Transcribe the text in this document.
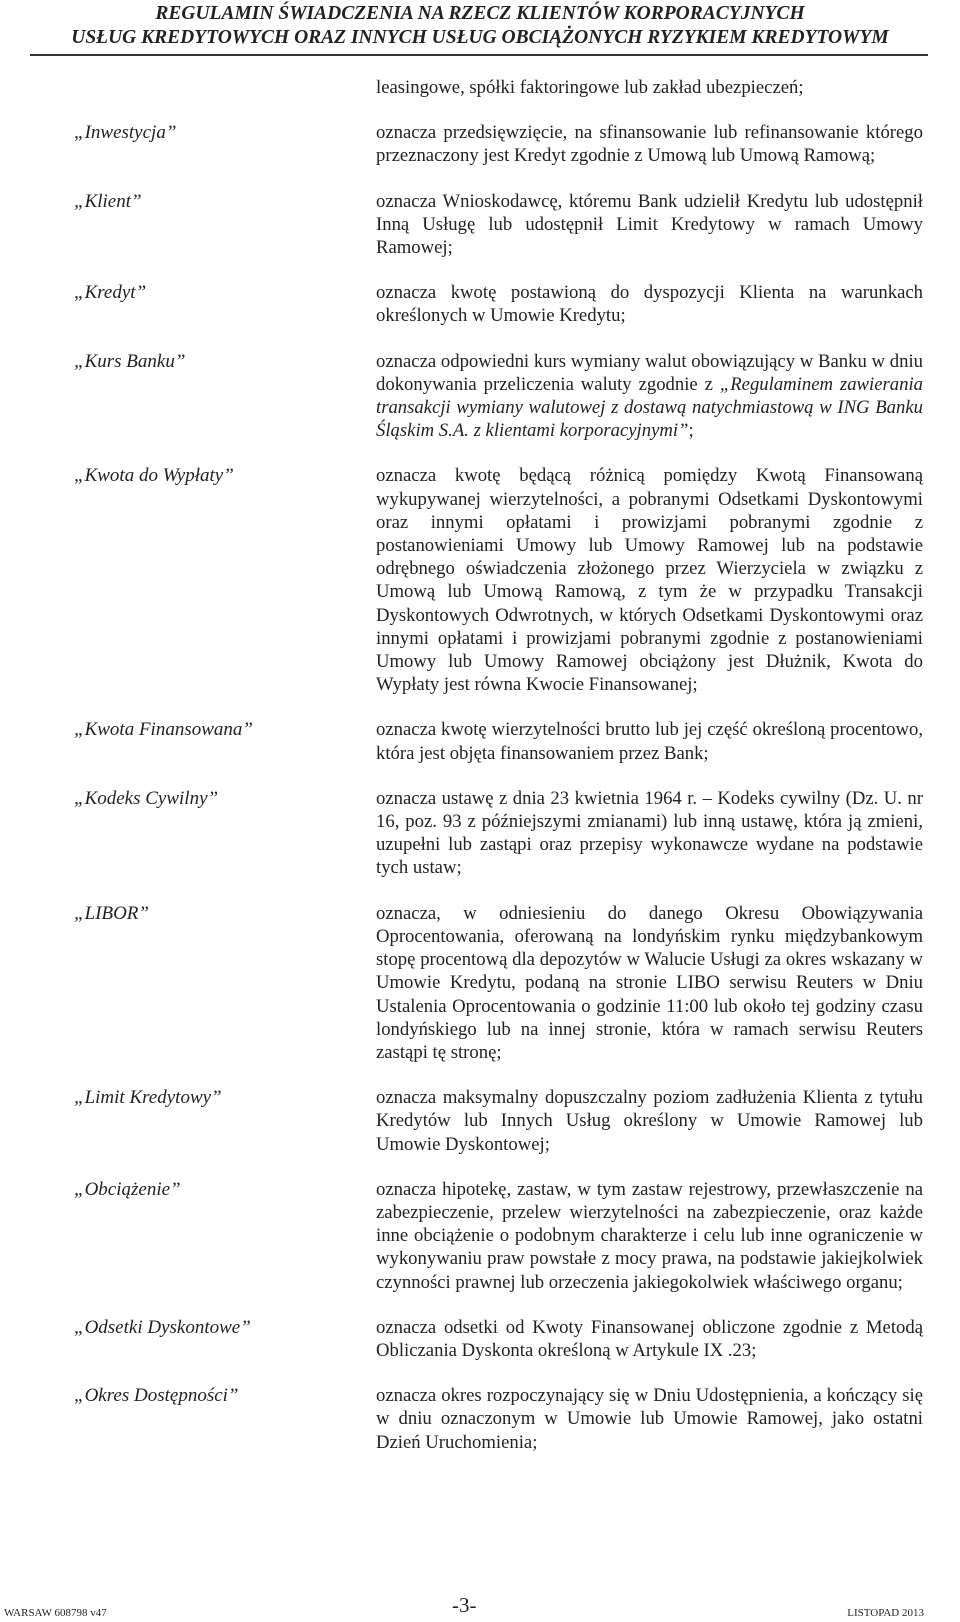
REGULAMIN ŚWIADCZENIA NA RZECZ KLIENTÓW KORPORACYJNYCH
USŁUG KREDYTOWYCH ORAZ INNYCH USŁUG OBCIĄŻONYCH RYZYKIEM KREDYTOWYM
leasingowe, spółki faktoringowe lub zakład ubezpieczeń;
„Inwestycja”	oznacza przedsięwzięcie, na sfinansowanie lub refinansowanie którego przeznaczony jest Kredyt zgodnie z Umową lub Umową Ramową;
„Klient”	oznacza Wnioskodawcę, któremu Bank udzielił Kredytu lub udostępnił Inną Usługę lub udostępnił Limit Kredytowy w ramach Umowy Ramowej;
„Kredyt”	oznacza kwotę postawioną do dyspozycji Klienta na warunkach określonych w Umowie Kredytu;
„Kurs Banku”	oznacza odpowiedni kurs wymiany walut obowiązujący w Banku w dniu dokonywania przeliczenia waluty zgodnie z „Regulaminem zawierania transakcji wymiany walutowej z dostawą natychmiastową w ING Banku Śląskim S.A. z klientami korporacyjnymi”;
„Kwota do Wypłaty”	oznacza kwotę będącą różnicą pomiędzy Kwotą Finansowaną wykupywanej wierzytelności, a pobranymi Odsetkami Dyskontowymi oraz innymi opłatami i prowizjami pobranymi zgodnie z postanowieniami Umowy lub Umowy Ramowej lub na podstawie odrębnego oświadczenia złożonego przez Wierzyciela w związku z Umową lub Umową Ramową, z tym że w przypadku Transakcji Dyskontowych Odwrotnych, w których Odsetkami Dyskontowymi oraz innymi opłatami i prowizjami pobranymi zgodnie z postanowieniami Umowy lub Umowy Ramowej obciążony jest Dłużnik, Kwota do Wypłaty jest równa Kwocie Finansowanej;
„Kwota Finansowana”	oznacza kwotę wierzytelności brutto lub jej część określoną procentowo, która jest objęta finansowaniem przez Bank;
„Kodeks Cywilny”	oznacza ustawę z dnia 23 kwietnia 1964 r. – Kodeks cywilny (Dz. U. nr 16, poz. 93 z późniejszymi zmianami) lub inną ustawę, która ją zmieni, uzupełni lub zastąpi oraz przepisy wykonawcze wydane na podstawie tych ustaw;
„LIBOR”	oznacza, w odniesieniu do danego Okresu Obowiązywania Oprocentowania, oferowaną na londyńskim rynku międzybankowym stopę procentową dla depozytów w Walucie Usługi za okres wskazany w Umowie Kredytu, podaną na stronie LIBO serwisu Reuters w Dniu Ustalenia Oprocentowania o godzinie 11:00 lub około tej godziny czasu londyńskiego lub na innej stronie, która w ramach serwisu Reuters zastąpi tę stronę;
„Limit Kredytowy”	oznacza maksymalny dopuszczalny poziom zadłużenia Klienta z tytułu Kredytów lub Innych Usług określony w Umowie Ramowej lub Umowie Dyskontowej;
„Obciążenie”	oznacza hipotekę, zastaw, w tym zastaw rejestrowy, przewłaszczenie na zabezpieczenie, przelew wierzytelności na zabezpieczenie, oraz każde inne obciążenie o podobnym charakterze i celu lub inne ograniczenie w wykonywaniu praw powstałe z mocy prawa, na podstawie jakiejkolwiek czynności prawnej lub orzeczenia jakiegokolwiek właściwego organu;
„Odsetki Dyskontowe”	oznacza odsetki od Kwoty Finansowanej obliczone zgodnie z Metodą Obliczania Dyskonta określoną w Artykule IX .23;
„Okres Dostępności”	oznacza okres rozpoczynający się w Dniu Udostępnienia, a kończący się w dniu oznaczonym w Umowie lub Umowie Ramowej, jako ostatni Dzień Uruchomienia;
WARSAW 608798 v47	-3-	LISTOPAD 2013
